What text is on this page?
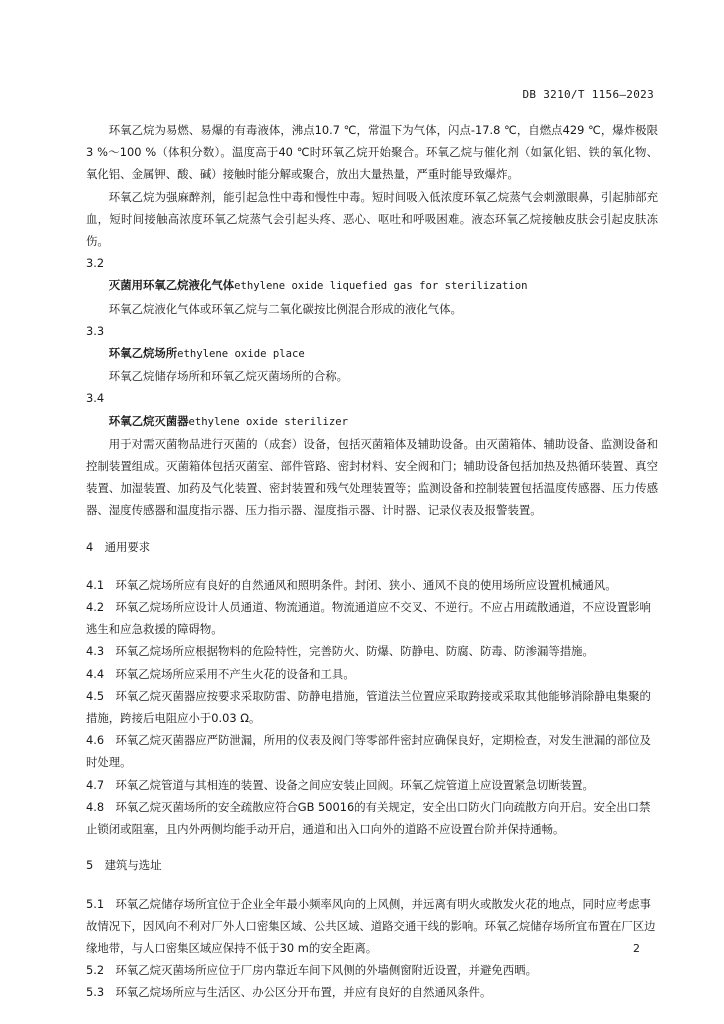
DB 3210/T 1156—2023

环氧乙烷为易燃、易爆的有毒液体，沸点10.7 ℃，常温下为气体，闪点-17.8 ℃，自燃点429 ℃，爆炸极限3 %～100 %（体积分数）。温度高于40 ℃时环氧乙烷开始聚合。环氧乙烷与催化剂（如氯化铝、铁的氧化物、氧化铝、金属钾、酸、碱）接触时能分解或聚合，放出大量热量，严重时能导致爆炸。

环氧乙烷为强麻醉剂，能引起急性中毒和慢性中毒。短时间吸入低浓度环氧乙烷蒸气会刺激眼鼻，引起肺部充血，短时间接触高浓度环氧乙烷蒸气会引起头疼、恶心、呕吐和呼吸困难。液态环氧乙烷接触皮肤会引起皮肤冻伤。

3.2

灭菌用环氧乙烷液化气体ethylene oxide liquefied gas for sterilization

环氧乙烷液化气体或环氧乙烷与二氧化碳按比例混合形成的液化气体。

3.3

环氧乙烷场所ethylene oxide place

环氧乙烷储存场所和环氧乙烷灭菌场所的合称。

3.4

环氧乙烷灭菌器ethylene oxide sterilizer

用于对需灭菌物品进行灭菌的（成套）设备，包括灭菌箱体及辅助设备。由灭菌箱体、辅助设备、监测设备和控制装置组成。灭菌箱体包括灭菌室、部件管路、密封材料、安全阀和门；辅助设备包括加热及热循环装置、真空装置、加湿装置、加药及气化装置、密封装置和残气处理装置等；监测设备和控制装置包括温度传感器、压力传感器、湿度传感器和温度指示器、压力指示器、湿度指示器、计时器、记录仪表及报警装置。

4　通用要求

4.1　环氧乙烷场所应有良好的自然通风和照明条件。封闭、狭小、通风不良的使用场所应设置机械通风。

4.2　环氧乙烷场所应设计人员通道、物流通道。物流通道应不交叉、不逆行。不应占用疏散通道，不应设置影响逃生和应急救援的障碍物。

4.3　环氧乙烷场所应根据物料的危险特性，完善防火、防爆、防静电、防腐、防毒、防渗漏等措施。

4.4　环氧乙烷场所应采用不产生火花的设备和工具。

4.5　环氧乙烷灭菌器应按要求采取防雷、防静电措施，管道法兰位置应采取跨接或采取其他能够消除静电集聚的措施，跨接后电阻应小于0.03 Ω。

4.6　环氧乙烷灭菌器应严防泄漏，所用的仪表及阀门等零部件密封应确保良好，定期检查，对发生泄漏的部位及时处理。

4.7　环氧乙烷管道与其相连的装置、设备之间应安装止回阀。环氧乙烷管道上应设置紧急切断装置。

4.8　环氧乙烷灭菌场所的安全疏散应符合GB 50016的有关规定，安全出口防火门向疏散方向开启。安全出口禁止锁闭或阻塞，且内外两侧均能手动开启，通道和出入口向外的道路不应设置台阶并保持通畅。

5　建筑与选址

5.1　环氧乙烷储存场所宜位于企业全年最小频率风向的上风侧，并远离有明火或散发火花的地点，同时应考虑事故情况下，因风向不利对厂外人口密集区域、公共区域、道路交通干线的影响。环氧乙烷储存场所宜布置在厂区边缘地带，与人口密集区域应保持不低于30 m的安全距离。

5.2　环氧乙烷灭菌场所应位于厂房内靠近车间下风侧的外墙侧窗附近设置，并避免西晒。

5.3　环氧乙烷场所应与生活区、办公区分开布置，并应有良好的自然通风条件。

2
